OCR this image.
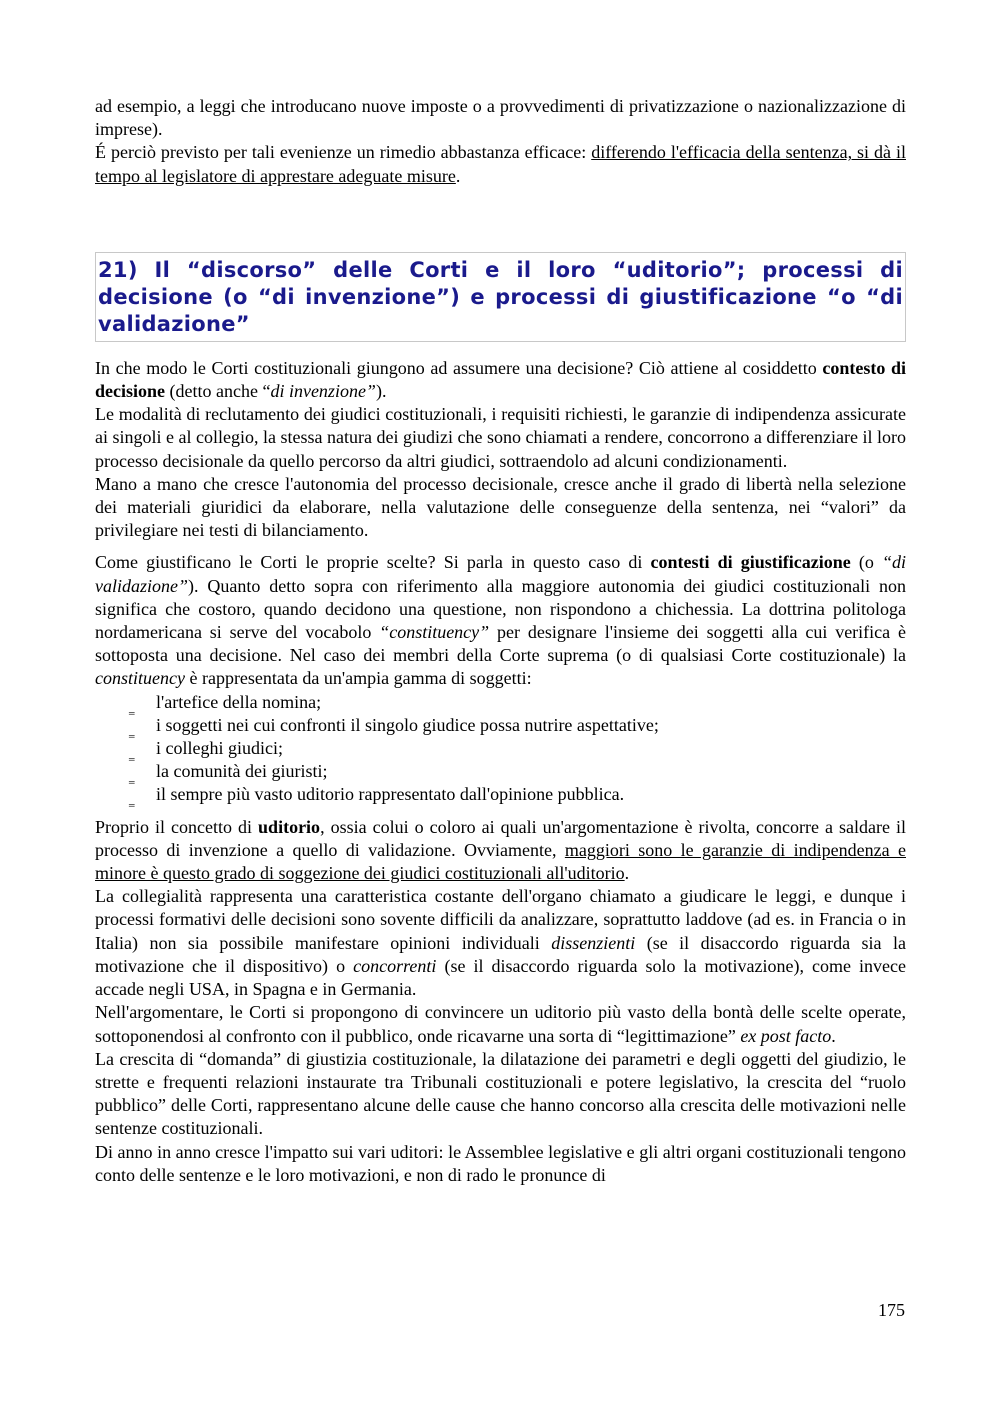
ad esempio, a leggi che introducano nuove imposte o a provvedimenti di privatizzazione o nazionalizzazione di imprese).

É perciò previsto per tali evenienze un rimedio abbastanza efficace: differendo l'efficacia della sentenza, si dà il tempo al legislatore di apprestare adeguate misure.

21) Il “discorso” delle Corti e il loro “uditorio”; processi di decisione (o “di invenzione”) e processi di giustificazione “o “di validazione”

In che modo le Corti costituzionali giungono ad assumere una decisione? Ciò attiene al cosiddetto contesto di decisione (detto anche “di invenzione”).

Le modalità di reclutamento dei giudici costituzionali, i requisiti richiesti, le garanzie di indipendenza assicurate ai singoli e al collegio, la stessa natura dei giudizi che sono chiamati a rendere, concorrono a differenziare il loro processo decisionale da quello percorso da altri giudici, sottraendolo ad alcuni condizionamenti.

Mano a mano che cresce l'autonomia del processo decisionale, cresce anche il grado di libertà nella selezione dei materiali giuridici da elaborare, nella valutazione delle conseguenze della sentenza, nei “valori” da privilegiare nei testi di bilanciamento.

Come giustificano le Corti le proprie scelte? Si parla in questo caso di contesti di giustificazione (o “di validazione”). Quanto detto sopra con riferimento alla maggiore autonomia dei giudici costituzionali non significa che costoro, quando decidono una questione, non rispondono a chichessia. La dottrina politologa nordamericana si serve del vocabolo “constituency” per designare l'insieme dei soggetti alla cui verifica è sottoposta una decisione. Nel caso dei membri della Corte suprema (o di qualsiasi Corte costituzionale) la constituency è rappresentata da un'ampia gamma di soggetti:

‗ l'artefice della nomina;
‗ i soggetti nei cui confronti il singolo giudice possa nutrire aspettative;
‗ i colleghi giudici;
‗ la comunità dei giuristi;
‗ il sempre più vasto uditorio rappresentato dall'opinione pubblica.

Proprio il concetto di uditorio, ossia colui o coloro ai quali un'argomentazione è rivolta, concorre a saldare il processo di invenzione a quello di validazione. Ovviamente, maggiori sono le garanzie di indipendenza e minore è questo grado di soggezione dei giudici costituzionali all'uditorio.

La collegialità rappresenta una caratteristica costante dell'organo chiamato a giudicare le leggi, e dunque i processi formativi delle decisioni sono sovente difficili da analizzare, soprattutto laddove (ad es. in Francia o in Italia) non sia possibile manifestare opinioni individuali dissenzienti (se il disaccordo riguarda sia la motivazione che il dispositivo) o concorrenti (se il disaccordo riguarda solo la motivazione), come invece accade negli USA, in Spagna e in Germania.

Nell'argomentare, le Corti si propongono di convincere un uditorio più vasto della bontà delle scelte operate, sottoponendosi al confronto con il pubblico, onde ricavarne una sorta di “legittimazione” ex post facto.

La crescita di “domanda” di giustizia costituzionale, la dilatazione dei parametri e degli oggetti del giudizio, le strette e frequenti relazioni instaurate tra Tribunali costituzionali e potere legislativo, la crescita del “ruolo pubblico” delle Corti, rappresentano alcune delle cause che hanno concorso alla crescita delle motivazioni nelle sentenze costituzionali.

Di anno in anno cresce l'impatto sui vari uditori: le Assemblee legislative e gli altri organi costituzionali tengono conto delle sentenze e le loro motivazioni, e non di rado le pronunce di

175
